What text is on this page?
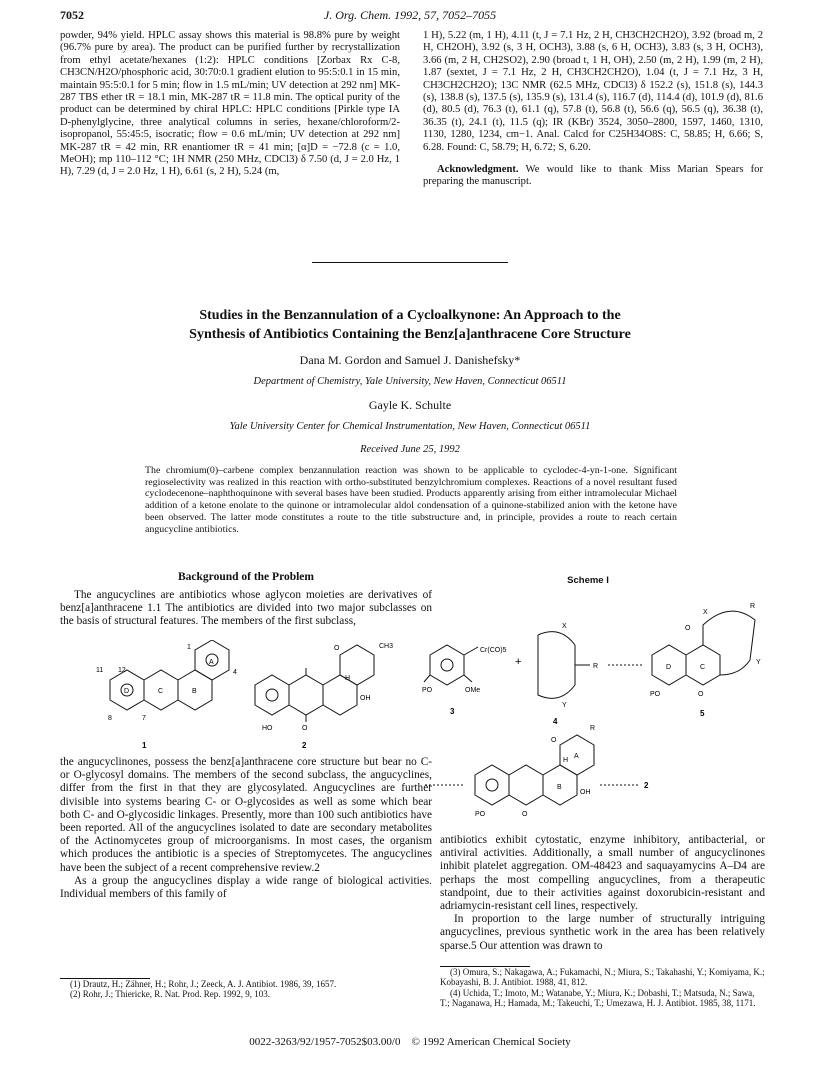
J. Org. Chem. 1992, 57, 7052–7055
7052

powder, 94% yield. HPLC assay shows this material is 98.8% pure by weight (96.7% pure by area). The product can be purified further by recrystallization from ethyl acetate/hexanes (1:2): HPLC conditions [Zorbax Rx C-8, CH3CN/H2O/phosphoric acid, 30:70:0.1 gradient elution to 95:5:0.1 in 15 min, maintain 95:5:0.1 for 5 min; flow in 1.5 mL/min; UV detection at 292 nm] MK-287 TBS ether tR = 18.1 min, MK-287 tR = 11.8 min. The optical purity of the product can be determined by chiral HPLC: HPLC conditions [Pirkle type IA D-phenylglycine, three analytical columns in series, hexane/chloroform/2-isopropanol, 55:45:5, isocratic; flow = 0.6 mL/min; UV detection at 292 nm] MK-287 tR = 42 min, RR enantiomer tR = 41 min; [α]D = −72.8 (c = 1.0, MeOH); mp 110–112 °C; 1H NMR (250 MHz, CDCl3) δ 7.50 (d, J = 2.0 Hz, 1 H), 7.29 (d, J = 2.0 Hz, 1 H), 6.61 (s, 2 H), 5.24 (m,

1 H), 5.22 (m, 1 H), 4.11 (t, J = 7.1 Hz, 2 H, CH3CH2CH2O), 3.92 (broad m, 2 H, CH2OH), 3.92 (s, 3 H, OCH3), 3.88 (s, 6 H, OCH3), 3.83 (s, 3 H, OCH3), 3.66 (m, 2 H, CH2SO2), 2.90 (broad t, 1 H, OH), 2.50 (m, 2 H), 1.99 (m, 2 H), 1.87 (sextet, J = 7.1 Hz, 2 H, CH3CH2CH2O), 1.04 (t, J = 7.1 Hz, 3 H, CH3CH2CH2O); 13C NMR (62.5 MHz, CDCl3) δ 152.2 (s), 151.8 (s), 144.3 (s), 138.8 (s), 137.5 (s), 135.9 (s), 131.4 (s), 116.7 (d), 114.4 (d), 101.9 (d), 81.6 (d), 80.5 (d), 76.3 (t), 61.1 (q), 57.8 (t), 56.8 (t), 56.6 (q), 56.5 (q), 36.38 (t), 36.35 (t), 24.1 (t), 11.5 (q); IR (KBr) 3524, 3050–2800, 1597, 1460, 1310, 1130, 1280, 1234, cm−1. Anal. Calcd for C25H34O8S: C, 58.85; H, 6.66; S, 6.28. Found: C, 58.79; H, 6.72; S, 6.20.

Acknowledgment. We would like to thank Miss Marian Spears for preparing the manuscript.

Studies in the Benzannulation of a Cycloalkynone: An Approach to the
Synthesis of Antibiotics Containing the Benz[a]anthracene Core Structure
Dana M. Gordon and Samuel J. Danishefsky*
Department of Chemistry, Yale University, New Haven, Connecticut 06511
Gayle K. Schulte
Yale University Center for Chemical Instrumentation, New Haven, Connecticut 06511
Received June 25, 1992
The chromium(0)–carbene complex benzannulation reaction was shown to be applicable to cyclodec-4-yn-1-one. Significant regioselectivity was realized in this reaction with ortho-substituted benzylchromium complexes. Reactions of a novel resultant fused cyclodecenone–naphthoquinone with several bases have been studied. Products apparently arising from either intramolecular Michael addition of a ketone enolate to the quinone or intramolecular aldol condensation of a quinone-stabilized anion with the ketone have been observed. The latter mode constitutes a route to the title substructure and, in principle, provides a route to reach certain angucycline antibiotics.
Background of the Problem

The angucyclines are antibiotics whose aglycon moieties are derivatives of benz[a]anthracene 1.1 The antibiotics are divided into two major subclasses on the basis of structural features. The members of the first subclass,

11 12
1
A
4
D	C	B
8	7
1
O	CH3
H
OH
HO	O
2

the angucyclinones, possess the benz[a]anthracene core structure but bear no C- or O-glycosyl domains. The members of the second subclass, the angucyclines, differ from the first in that they are glycosylated. Angucyclines are further divisible into systems bearing C- or O-glycosides as well as some which bear both C- and O-glycosidic linkages. Presently, more than 100 such antibiotics have been reported. All of the angucyclines isolated to date are secondary metabolites of the Actinomycetes group of microorganisms. In most cases, the organism which produces the antibiotic is a species of Streptomycetes. The angucyclines have been the subject of a recent comprehensive review.2

As a group the angucyclines display a wide range of biological activities. Individual members of this family of

(1) Drautz, H.; Zähner, H.; Rohr, J.; Zeeck, A. J. Antibiot. 1986, 39, 1657.

(2) Rohr, J.; Thiericke, R. Nat. Prod. Rep. 1992, 9, 103.

Scheme I
Cr(CO)5
PO	OMe
3
+
X
R
Y
4
O
X
R
D	C
Y
PO	O
5
O
R
H
A
B
OH
PO	O
2

antibiotics exhibit cytostatic, enzyme inhibitory, antibacterial, or antiviral activities. Additionally, a small number of angucyclinones inhibit platelet aggregation. OM-48423 and saquayamycins A–D4 are perhaps the most compelling angucyclines, from a therapeutic standpoint, due to their activities against doxorubicin-resistant and adriamycin-resistant cell lines, respectively.

In proportion to the large number of structurally intriguing angucyclines, previous synthetic work in the area has been relatively sparse.5 Our attention was drawn to

(3) Omura, S.; Nakagawa, A.; Fukamachi, N.; Miura, S.; Takahashi, Y.; Komiyama, K.; Kobayashi, B. J. Antibiot. 1988, 41, 812.

(4) Uchida, T.; Imoto, M.; Watanabe, Y.; Miura, K.; Dobashi, T.; Matsuda, N.; Sawa, T.; Naganawa, H.; Hamada, M.; Takeuchi, T.; Umezawa, H. J. Antibiot. 1985, 38, 1171.

0022-3263/92/1957-7052$03.00/0 © 1992 American Chemical Society
